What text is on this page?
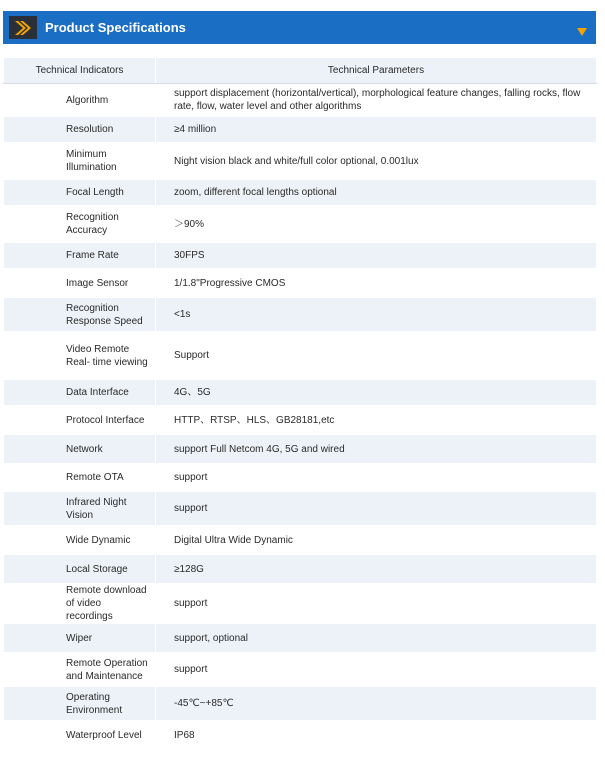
Product Specifications
Technical Indicators	Technical Parameters
Algorithm	support displacement (horizontal/vertical), morphological feature changes, falling rocks, flow rate, flow, water level and other algorithms
Resolution	≥4 million
Minimum Illumination	Night vision black and white/full color optional, 0.001lux
Focal Length	zoom, different focal lengths optional
Recognition Accuracy	＞90%
Frame Rate	30FPS
Image Sensor	1/1.8"Progressive CMOS
Recognition Response Speed	<1s
Video Remote Real- time viewing	Support
Data Interface	4G、5G
Protocol Interface	HTTP、RTSP、HLS、GB28181,etc
Network	support Full Netcom 4G, 5G and wired
Remote OTA	support
Infrared Night Vision	support
Wide Dynamic	Digital Ultra Wide Dynamic
Local Storage	≥128G
Remote download of video recordings	support
Wiper	support, optional
Remote Operation and Maintenance	support
Operating Environment	-45℃~+85℃
Waterproof Level	IP68
